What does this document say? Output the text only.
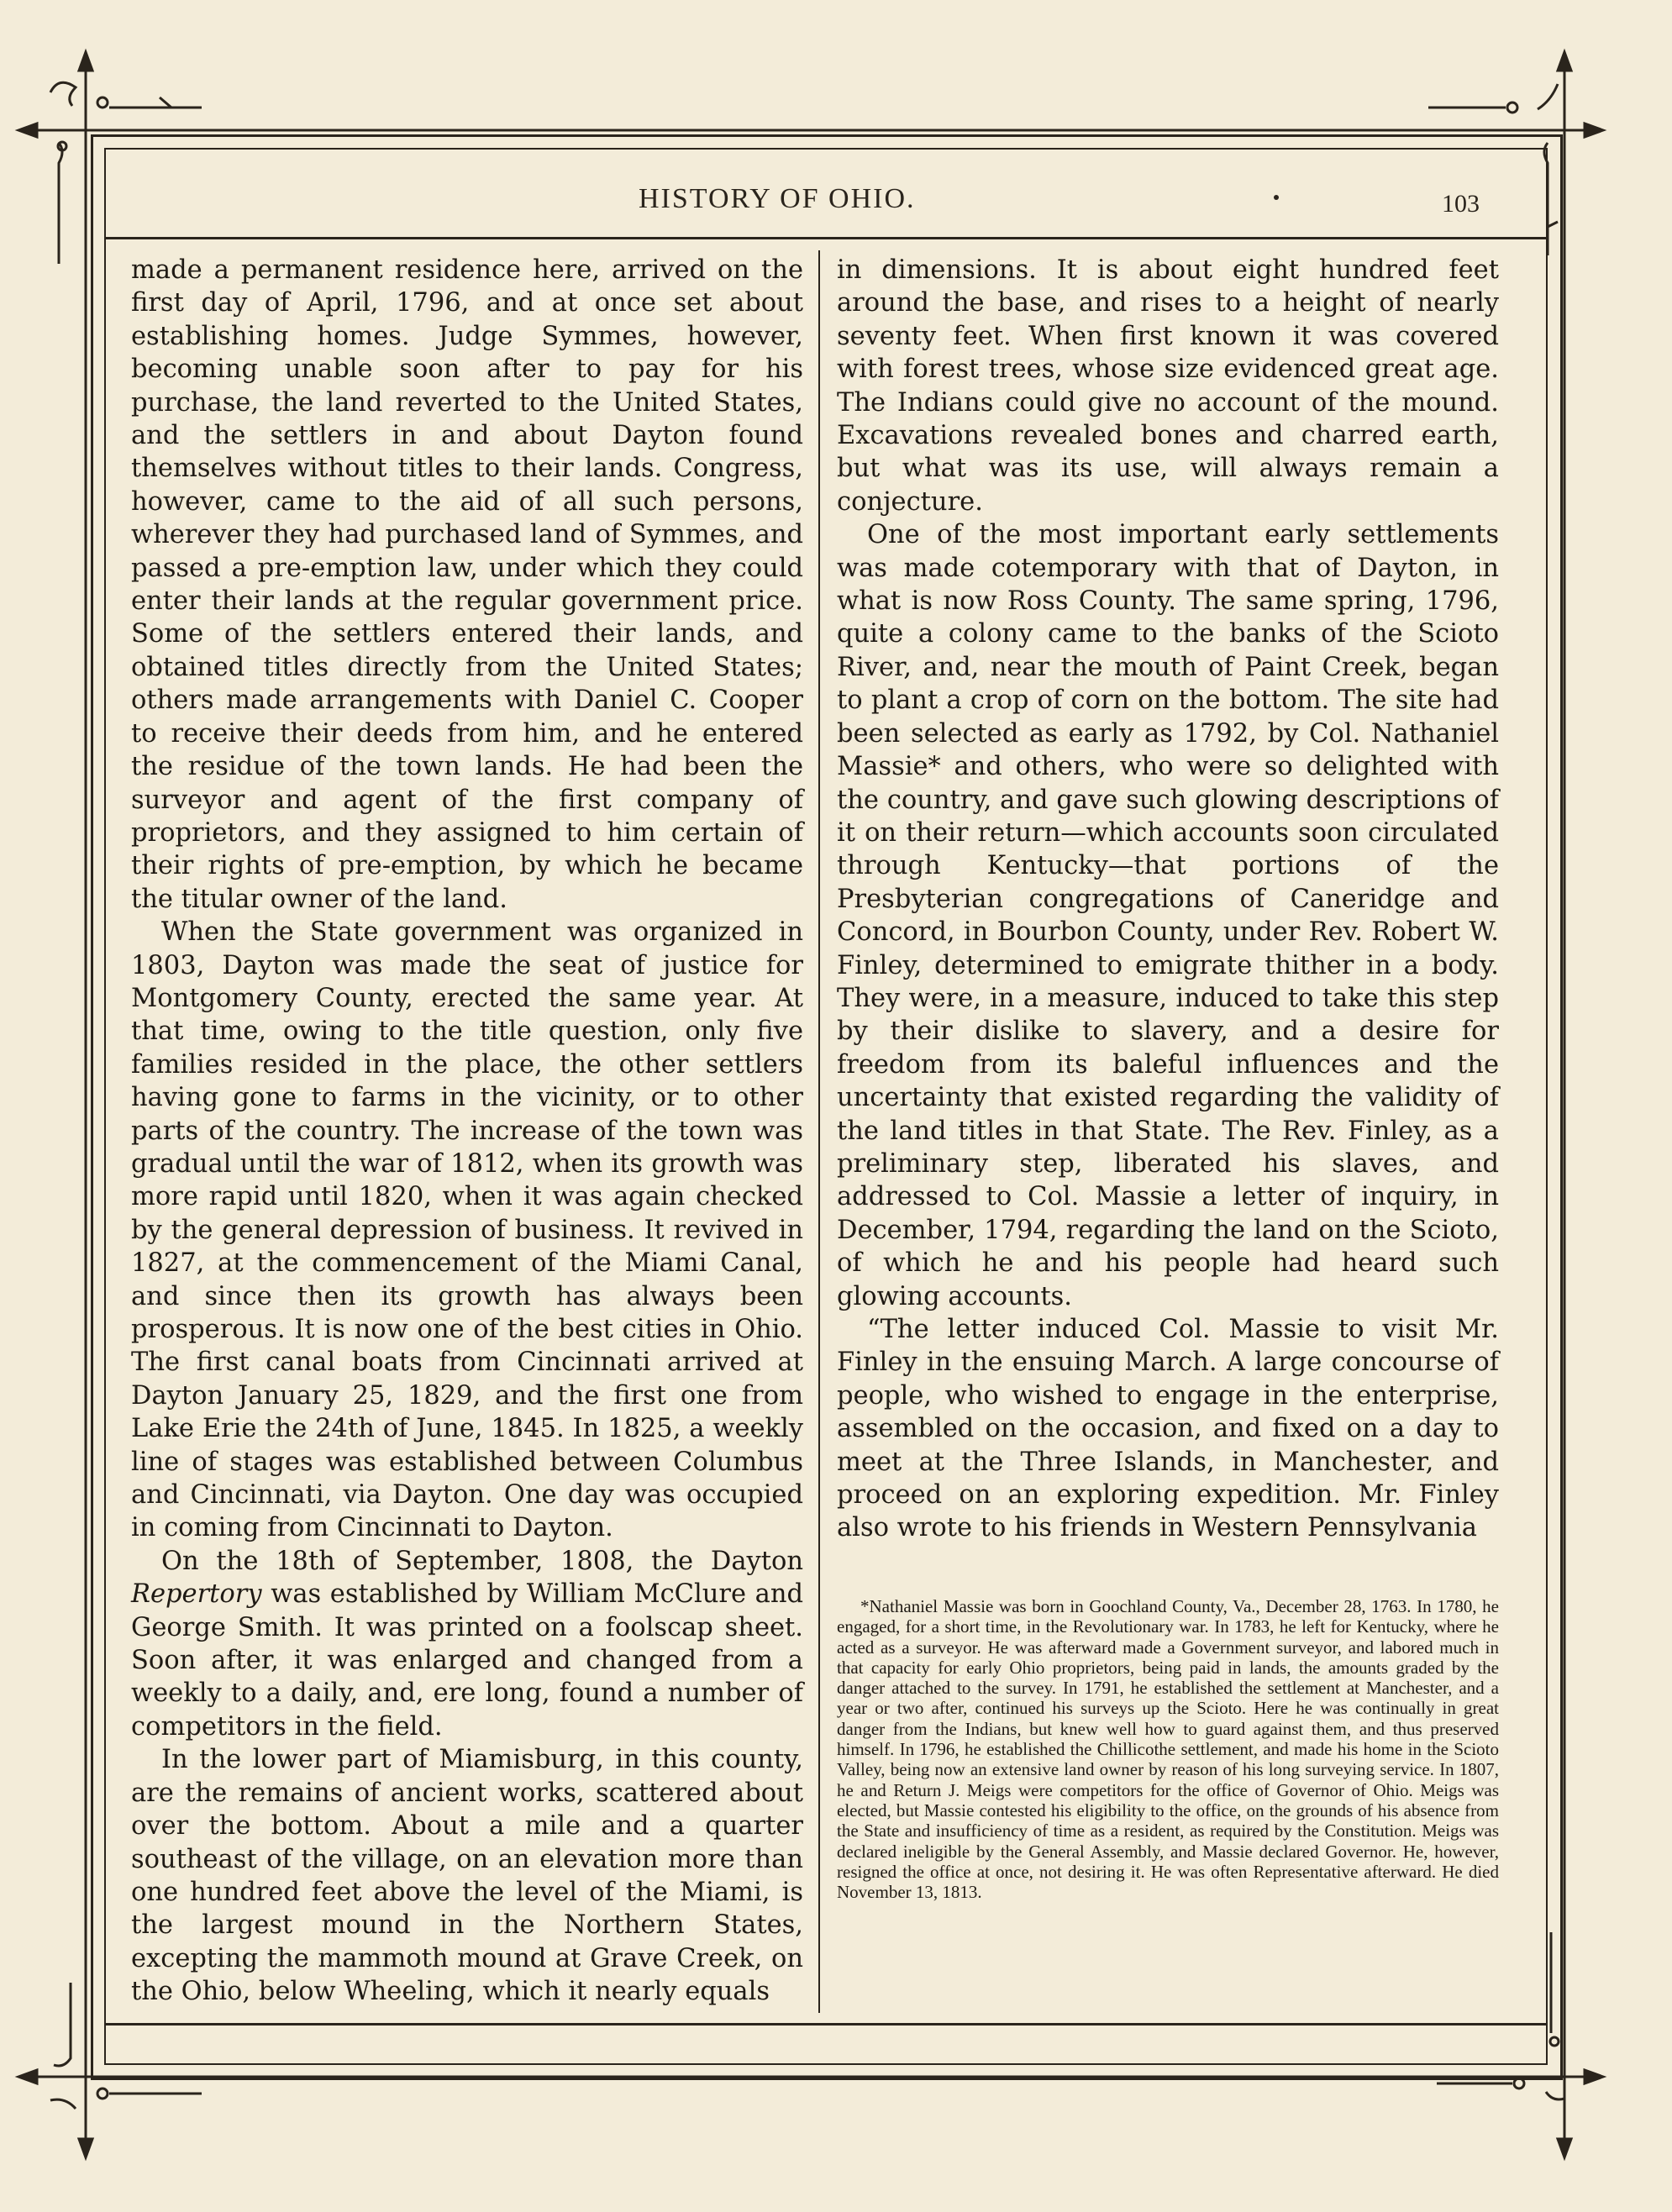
HISTORY OF OHIO.	103

made a permanent residence here, arrived on the first day of April, 1796, and at once set about establishing homes. Judge Symmes, however, becoming unable soon after to pay for his purchase, the land reverted to the United States, and the settlers in and about Dayton found themselves without titles to their lands. Congress, however, came to the aid of all such persons, wherever they had purchased land of Symmes, and passed a pre-emption law, under which they could enter their lands at the regular government price. Some of the settlers entered their lands, and obtained titles directly from the United States; others made arrangements with Daniel C. Cooper to receive their deeds from him, and he entered the residue of the town lands. He had been the surveyor and agent of the first company of proprietors, and they assigned to him certain of their rights of pre-emption, by which he became the titular owner of the land.

When the State government was organized in 1803, Dayton was made the seat of justice for Montgomery County, erected the same year. At that time, owing to the title question, only five families resided in the place, the other settlers having gone to farms in the vicinity, or to other parts of the country. The increase of the town was gradual until the war of 1812, when its growth was more rapid until 1820, when it was again checked by the general depression of business. It revived in 1827, at the commencement of the Miami Canal, and since then its growth has always been prosperous. It is now one of the best cities in Ohio. The first canal boats from Cincinnati arrived at Dayton January 25, 1829, and the first one from Lake Erie the 24th of June, 1845. In 1825, a weekly line of stages was established between Columbus and Cincinnati, via Dayton. One day was occupied in coming from Cincinnati to Dayton.

On the 18th of September, 1808, the Dayton Repertory was established by William McClure and George Smith. It was printed on a foolscap sheet. Soon after, it was enlarged and changed from a weekly to a daily, and, ere long, found a number of competitors in the field.

In the lower part of Miamisburg, in this county, are the remains of ancient works, scattered about over the bottom. About a mile and a quarter southeast of the village, on an elevation more than one hundred feet above the level of the Miami, is the largest mound in the Northern States, excepting the mammoth mound at Grave Creek, on the Ohio, below Wheeling, which it nearly equals

in dimensions. It is about eight hundred feet around the base, and rises to a height of nearly seventy feet. When first known it was covered with forest trees, whose size evidenced great age. The Indians could give no account of the mound. Excavations revealed bones and charred earth, but what was its use, will always remain a conjecture.

One of the most important early settlements was made cotemporary with that of Dayton, in what is now Ross County. The same spring, 1796, quite a colony came to the banks of the Scioto River, and, near the mouth of Paint Creek, began to plant a crop of corn on the bottom. The site had been selected as early as 1792, by Col. Nathaniel Massie* and others, who were so delighted with the country, and gave such glowing descriptions of it on their return—which accounts soon circulated through Kentucky—that portions of the Presbyterian congregations of Caneridge and Concord, in Bourbon County, under Rev. Robert W. Finley, determined to emigrate thither in a body. They were, in a measure, induced to take this step by their dislike to slavery, and a desire for freedom from its baleful influences and the uncertainty that existed regarding the validity of the land titles in that State. The Rev. Finley, as a preliminary step, liberated his slaves, and addressed to Col. Massie a letter of inquiry, in December, 1794, regarding the land on the Scioto, of which he and his people had heard such glowing accounts.

“The letter induced Col. Massie to visit Mr. Finley in the ensuing March. A large concourse of people, who wished to engage in the enterprise, assembled on the occasion, and fixed on a day to meet at the Three Islands, in Manchester, and proceed on an exploring expedition. Mr. Finley also wrote to his friends in Western Pennsylvania

*Nathaniel Massie was born in Goochland County, Va., December 28, 1763. In 1780, he engaged, for a short time, in the Revolutionary war. In 1783, he left for Kentucky, where he acted as a surveyor. He was afterward made a Government surveyor, and labored much in that capacity for early Ohio proprietors, being paid in lands, the amounts graded by the danger attached to the survey. In 1791, he established the settlement at Manchester, and a year or two after, continued his surveys up the Scioto. Here he was continually in great danger from the Indians, but knew well how to guard against them, and thus preserved himself. In 1796, he established the Chillicothe settlement, and made his home in the Scioto Valley, being now an extensive land owner by reason of his long surveying service. In 1807, he and Return J. Meigs were competitors for the office of Governor of Ohio. Meigs was elected, but Massie contested his eligibility to the office, on the grounds of his absence from the State and insufficiency of time as a resident, as required by the Constitution. Meigs was declared ineligible by the General Assembly, and Massie declared Governor. He, however, resigned the office at once, not desiring it. He was often Representative afterward. He died November 13, 1813.
